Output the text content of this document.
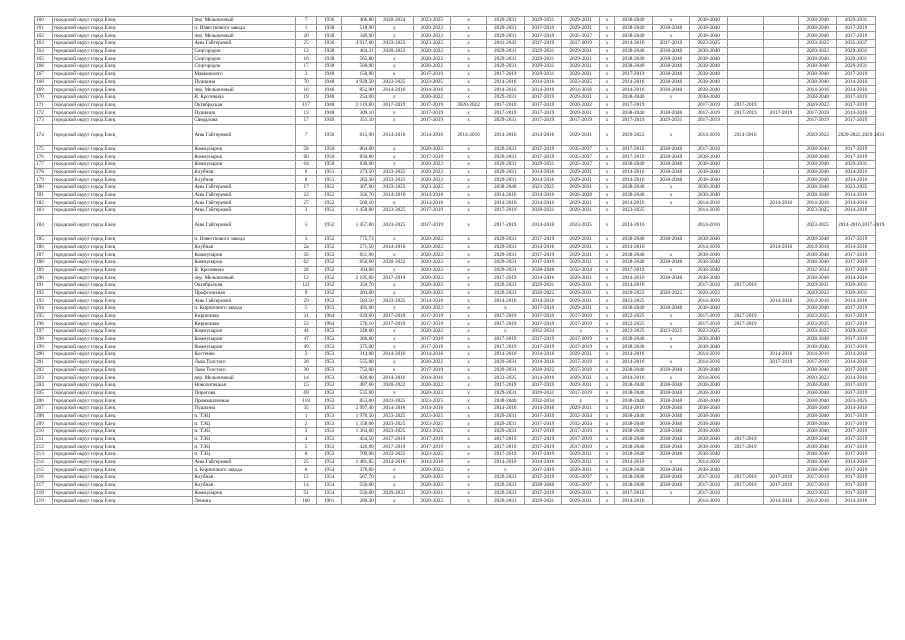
160	городской округ город Елец	пер. Мельничный	7	1936	466,80	2020-2024	2023-2025	х	2029-2031	2029-2031	2029-2031	х	2038-2040	х	2038-2040			2038-2040	2029-2031
161	городской округ город Елец	п. Известкового завода	1	1938	518,00	х	2020-2022	х	2029-2031	2017-2019	2029-2031	х	2038-2040	2038-2040	2038-2040			2038-2040	2017-2019
162	городской округ город Елец	пер. Мельничный	20	1938	340,90	х	2020-2022	х	2029-2031	2017-2019	2035-2037	х	2038-2040	х	2038-2040			2038-2040	2017-2019
163	городской округ город Елец	Аны Гайтеровой	25	1936	4 917,00	2023-2025	2023-2025	х	2041-2043	2017-2019	2017-2019	х	2014-2016	2017-2019	2023-2025			2023-2025	2035-2037
164	городской округ город Елец	Соцгородок	12	1938	464,21	2020-2022	2020-2022	х	2029-2031	2029-2031	2029-2031	х	2038-2040	2038-2040	2038-2040			2020-2022	2029-2031
165	городской округ город Елец	Соцгородок	16	1938	565,80	х	2020-2022	х	2029-2031	2029-2031	2029-2031	х	2038-2040	2038-2040	2038-2040			2038-2040	2029-2031
166	городской округ город Елец	Соцгородок	17	1938	566,90	х	2020-2022	х	2029-2031	2029-2031	2029-2031	х	2038-2040	2038-2040	2038-2040			2038-2040	2029-2031
167	городской округ город Елец	Маяковского	3	1940	150,00	х	2017-2019	х	2017-2019	2029-2031	2029-2031	х	2017-2019	2038-2040	2038-2040			2038-2040	2017-2019
168	городской округ город Елец	Пушкина	70	1940	4 928,50	2023-2025	2023-2025	х	2014-2016	2014-2016	2023-2025	х	2014-2016	2038-2040	2038-2040			2038-2040	2014-2016
169	городской округ город Елец	пер. Мельничный	16	1946	852,00	2014-2016	2014-2016	х	2014-2016	2014-2016	2014-2016	х	2014-2016	2038-2040	2038-2040			2014-2016	2014-2016
170	городской округ город Елец	В. Кротевича	19	1948	254,00	х	2020-2022	х	2029-2031	2017-2019	2029-2031	х	2038-2040	х	2038-2040			2038-2040	2017-2019
171	городской округ город Елец	Октябрьская	117	1948	2 119,80	2017-2019	2017-2019	2020-2022	2017-2019	2017-2019	2020-2022	х	2017-2019		2017-2019	2017-2019		2020-2022	2017-2019
172	городской округ город Елец	Пушкина	13	1948	309,10	х	2017-2019	х	2017-2019	2017-2019	2029-2031	х	2038-2040	2038-2040	2017-2019	2017-2019	2017-2019	2017-2019	2014-2016
173	городской округ город Елец	Свердлова	17	1949	351,10	х	2017-2019	х	2029-2031	2017-2019	2017-2019	х	2017-2019	2029-2031	2017-2019			2017-2019	2017-2019
174	городской округ город Елец	Аны Гайтеровой	7	1950	815,90	2014-2016	2014-2016	2014-2016	2014-2016	2014-2016	2029-2031	х	2020-2022	х	2014-2016	2014-2016		2020-2022	2020-2022,2029-2031
175	городской округ город Елец	Коммунаров	58	1950	864,00	х	2020-2022	х	2029-2031	2017-2019	2035-2037	х	2017-2019	2038-2040	2017-2019			2038-2040	2017-2019
176	городской округ город Елец	Коммунаров	60	1950	850,80	х	2017-2019	х	2029-2031	2017-2019	2035-2037	х	2017-2019	2038-2040	2038-2040			2038-2040	2017-2019
177	городской округ город Елец	Коммунаров	64	1950	830,00	х	2020-2022	х	2029-2031	2029-2031	2035-2037	х	2038-2040	2038-2040	2038-2040			2038-2040	2029-2031
178	городской округ город Елец	Клубная	6	1951	273,50	2023-2025	2020-2022	х	2029-2031	2014-2016	2029-2031	х	2014-2016	2038-2040	2038-2040			2038-2040	2014-2016
179	городской округ город Елец	Клубная	8	1951	283,30	2023-2025	2020-2022	х	2029-2031	2014-2016	2029-2031	х	2014-2016	2038-2040	2038-2040			2038-2040	2014-2016
180	городской округ город Елец	Аны Гайтеровой	17	1952	307,90	2023-2025	2023-2025	х	2038-2040	2023-2025	2029-2031	х	2038-2040	х	2038-2040			2038-2040	2023-2025
181	городской округ город Елец	Аны Гайтеровой	23	1952	356,70	2014-2016	2014-2016	х	2014-2016	2014-2016	2026-2028	х	2038-2040	х	2038-2040			2038-2040	2014-2016
182	городской округ город Елец	Аны Гайтеровой	27	1952	560,10	х	2014-2016	х	2014-2016	2014-2016	2029-2031	х	2014-2016	х	2014-2016		2014-2016	2014-2016	2014-2016
183	городской округ город Елец	Аны Гайтеровой	3	1952	1 458,00	2023-2025	2017-2019	х	2017-2019	2029-2031	2029-2031	х	2023-2025		2014-2016			2023-2025	2014-2016
184	городской округ город Елец	Аны Гайтеровой	5	1952	1 457,00	2023-2025	2017-2019	х	2017-2019	2014-2016	2023-2025	х	2014-2016		2014-2016			2023-2025	2014-2016,2017-2019
185	городской округ город Елец	п. Известкового завода	3	1952	775,73	х	2020-2022	х	2029-2031	2017-2019	2029-2031	х	2038-2040	2038-2040	2038-2040			2038-2040	2017-2019
186	городской округ город Елец	Клубная	2а	1952	271,50	2014-2016	2020-2022	х	2029-2031	2014-2016	2029-2031	х	2014-2016		2014-2016		2014-2016	2014-2016	2014-2016
187	городской округ город Елец	Коммунаров	56	1952	851,00	х	2020-2022	х	2029-2031	2017-2019	2029-2031	х	2038-2040	х	2038-2040			2038-2040	2017-2019
188	городской округ город Елец	Коммунаров	62	1952	850,60	2020-2022	2020-2022	х	2029-2031	2017-2019	2029-2031	х	2038-2040	2038-2040	2038-2040			2038-2040	2017-2019
189	городской округ город Елец	В. Кротевича	28	1952	394,00	х	2020-2022	х	2029-2031	2038-2040	2032-2034	х	2017-2019	х	2038-2040			2032-2034	2017-2019
190	городской округ город Елец	пер. Мельничный	12	1952	2 195,00	2017-2019	2020-2022	х	2017-2019	2014-2016	2029-2031	х	2014-2016	2038-2040	2038-2040			2038-2040	2014-2016
191	городской округ город Елец	Октябрьская	121	1952	250,70	х	2020-2022	х	2029-2031	2029-2031	2029-2031	х	2014-2016		2017-2019	2017-2019		2029-2031	2029-2031
192	городской округ город Елец	Профсоюзная	9	1952	203,00	х	2020-2022	х	2029-2031	2020-2022	2029-2031	х	2020-2022	2020-2022	2020-2022			2020-2022	2029-2031
193	городской округ город Елец	Аны Гайтеровой	29	1953	583,50	2023-2025	2014-2016	х	2014-2016	2014-2016	2029-2031	х	2023-2025		2014-2016		2014-2016	2014-2016	2014-2016
194	городской округ город Елец	п. Кирпичного завода	5	1953	495,00	х	2020-2022	х	х	2017-2019	2029-2031	х	2038-2040	2038-2040	2038-2040			2038-2040	2017-2019
195	городской округ город Елец	Кирпичная	21	1964	629,60	2017-2019	2017-2019	х	2017-2019	2017-2019	2017-2019	х	2023-2025	х	2017-2019	2017-2019		2023-2025	2017-2019
196	городской округ город Елец	Кирпичная	23	1964	576,10	2017-2019	2017-2019	х	2017-2019	2017-2019	2017-2019	х	2023-2025	х	2017-2019	2017-2019		2023-2025	2017-2019
197	городской округ город Елец	Коммунаров	44	1953	248,00	х	2020-2022	х	х	2032-2034	х	х	2023-2025	2023-2025	2023-2025			2023-2025	2029-2031
198	городской округ город Елец	Коммунаров	47	1953	366,00	х	2017-2019	х	2017-2019	2017-2019	2017-2019	х	2038-2040	х	2038-2040			2038-2040	2017-2019
199	городской округ город Елец	Коммунаров	49	1953	375,00	х	2017-2019	х	2017-2019	2017-2019	2017-2019	х	2038-2040	х	2038-2040			2038-2040	2017-2019
200	городской округ город Елец	Костенко	2	1953	314,00	2014-2016	2014-2016	х	2014-2016	2014-2016	2029-2031	х	2014-2016		2014-2016		2014-2016	2014-2016	2014-2016
201	городской округ город Елец	Льва Толстого	28	1953	555,00	х	2020-2022	х	2029-2031	2014-2016	2017-2019	х	2014-2016	х	2014-2016		2017-2019	2017-2019	2014-2016
202	городской округ город Елец	Льва Толстого	30	1953	752,00	х	2017-2019	х	2029-2031	2020-2022	2017-2019	х	2038-2040	2038-2040	2038-2040			2038-2040	2017-2019
203	городской округ город Елец	пер. Мельничный	14	1953	820,00	2014-2016	2014-2016	х	2023-2025	2014-2016	2029-2031	х	2014-2016	х	2014-2016			2020-2022	2014-2016
204	городской округ город Елец	Новолипецкая	15	1953	487,60	2020-2022	2020-2022	х	2017-2019	2017-2019	2029-2031	х	2038-2040	2038-2040	2038-2040			2038-2040	2017-2019
205	городской округ город Елец	Пирогова	69	1953	535,00	х	2020-2022	х	2029-2031	2029-2031	2017-2019	х	2038-2040	2038-2040	2038-2040			2038-2040	2017-2019
206	городской округ город Елец	Промышленная	118	1953	853,00	2023-2025	2023-2025	х	2038-2040	2032-2034	х	х	2038-2040	2038-2040	2038-2040			2038-2040	2023-2025
207	городской округ город Елец	Пушкина	35	1953	2 997,40	2014-2016	2014-2016	х	2014-2016	2014-2016	2029-2031	х	2014-2016	2038-2040	2038-2040			2038-2040	2014-2016
208	городской округ город Елец	п. ТЭЦ	1	1953	1 970,50	2023-2025	2023-2025	х	2029-2031	2017-2019	2032-2034	х	2038-2040	2038-2040	2038-2040			2038-2040	2017-2019
209	городской округ город Елец	п. ТЭЦ	2	1953	1 358,00	2023-2025	2023-2025	х	2029-2031	2017-2019	2032-2034	х	2038-2040	2038-2040	2038-2040			2038-2040	2017-2019
210	городской округ город Елец	п. ТЭЦ	3	1953	1 364,00	2023-2025	2023-2025	х	2029-2031	2017-2019	2017-2019	х	2038-2040	2038-2040	2038-2040			2038-2040	2017-2019
211	городской округ город Елец	п. ТЭЦ	4	1953	454,50	2017-2019	2017-2019	х	2017-2019	2017-2019	2017-2019	х	2038-2040	2038-2040	2038-2040	2017-2019		2038-2040	2017-2019
212	городской округ город Елец	п. ТЭЦ	5	1953	426,90	2017-2019	2017-2019	х	2017-2019	2017-2019	2017-2019	х	2038-2040	2038-2040	2038-2040	2017-2019		2038-2040	2017-2019
213	городской округ город Елец	п. ТЭЦ	6	1953	709,00	2023-2025	2023-2025	х	2017-2019	2017-2019	2029-2031	х	2038-2040	2038-2040	2038-2040			2038-2040	2017-2019
214	городской округ город Елец	Аны Гайтеровой	25	1954	1 481,85	2014-2016	2014-2016	х	2014-2016	2014-2016	2029-2031	х	2014-2016	х	2014-2016			2038-2040	2014-2016
215	городской округ город Елец	п. Кирпичного завода	6	1954	378,00	х	2020-2022	х	х	2017-2019	2029-2031	х	2038-2040	2038-2040	2038-2040			2038-2040	2017-2019
216	городской округ город Елец	Клубная	12	1954	567,70	х	2020-2022	х	2029-2031	2017-2019	2035-2037	х	2038-2040	2038-2040	2017-2019	2017-2019	2017-2019	2017-2019	2017-2019
217	городской округ город Елец	Клубная	14	1954	556,60	х	2020-2022	х	2029-2031	2038-2040	2035-2037	х	2038-2040	2038-2040	2017-2019	2017-2019	2017-2019	2017-2019	2017-2019
218	городской округ город Елец	Коммунаров	51	1954	556,00	2029-2031	2029-2031	х	2029-2031	2017-2019	2029-2031	х	2017-2019	х	2017-2019			2023-2025	2017-2019
219	городской округ город Елец	Ленина	100	1961	289,30	х	2020-2022	х	2029-2031	2029-2031	2029-2031	х	2014-2016		2014-2016		2014-2016	2014-2016	2014-2016
